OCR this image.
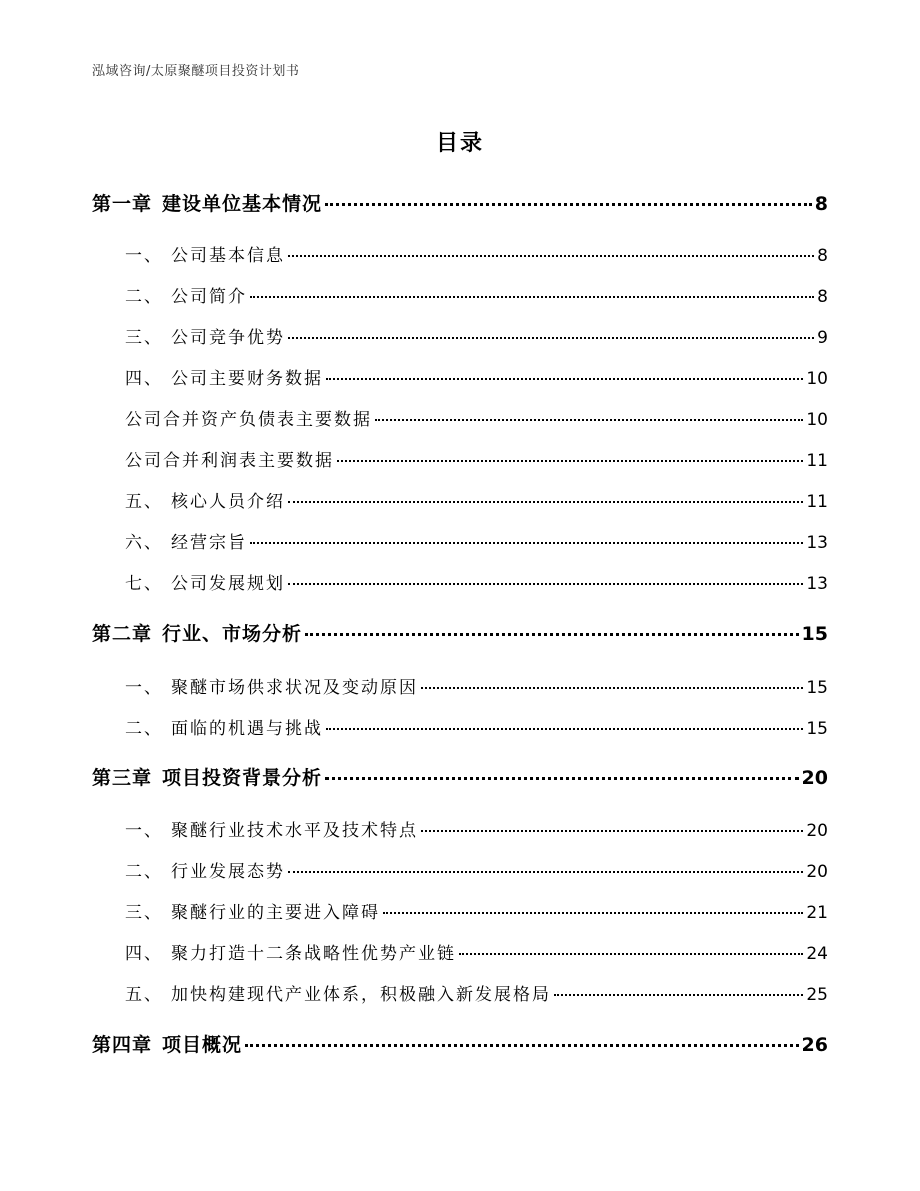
泓域咨询/太原聚醚项目投资计划书
目录
第一章 建设单位基本情况	8
一、 公司基本信息	8
二、 公司简介	8
三、 公司竞争优势	9
四、 公司主要财务数据	10
公司合并资产负债表主要数据	10
公司合并利润表主要数据	11
五、 核心人员介绍	11
六、 经营宗旨	13
七、 公司发展规划	13
第二章 行业、市场分析	15
一、 聚醚市场供求状况及变动原因	15
二、 面临的机遇与挑战	15
第三章 项目投资背景分析	20
一、 聚醚行业技术水平及技术特点	20
二、 行业发展态势	20
三、 聚醚行业的主要进入障碍	21
四、 聚力打造十二条战略性优势产业链	24
五、 加快构建现代产业体系，积极融入新发展格局	25
第四章 项目概况	26
